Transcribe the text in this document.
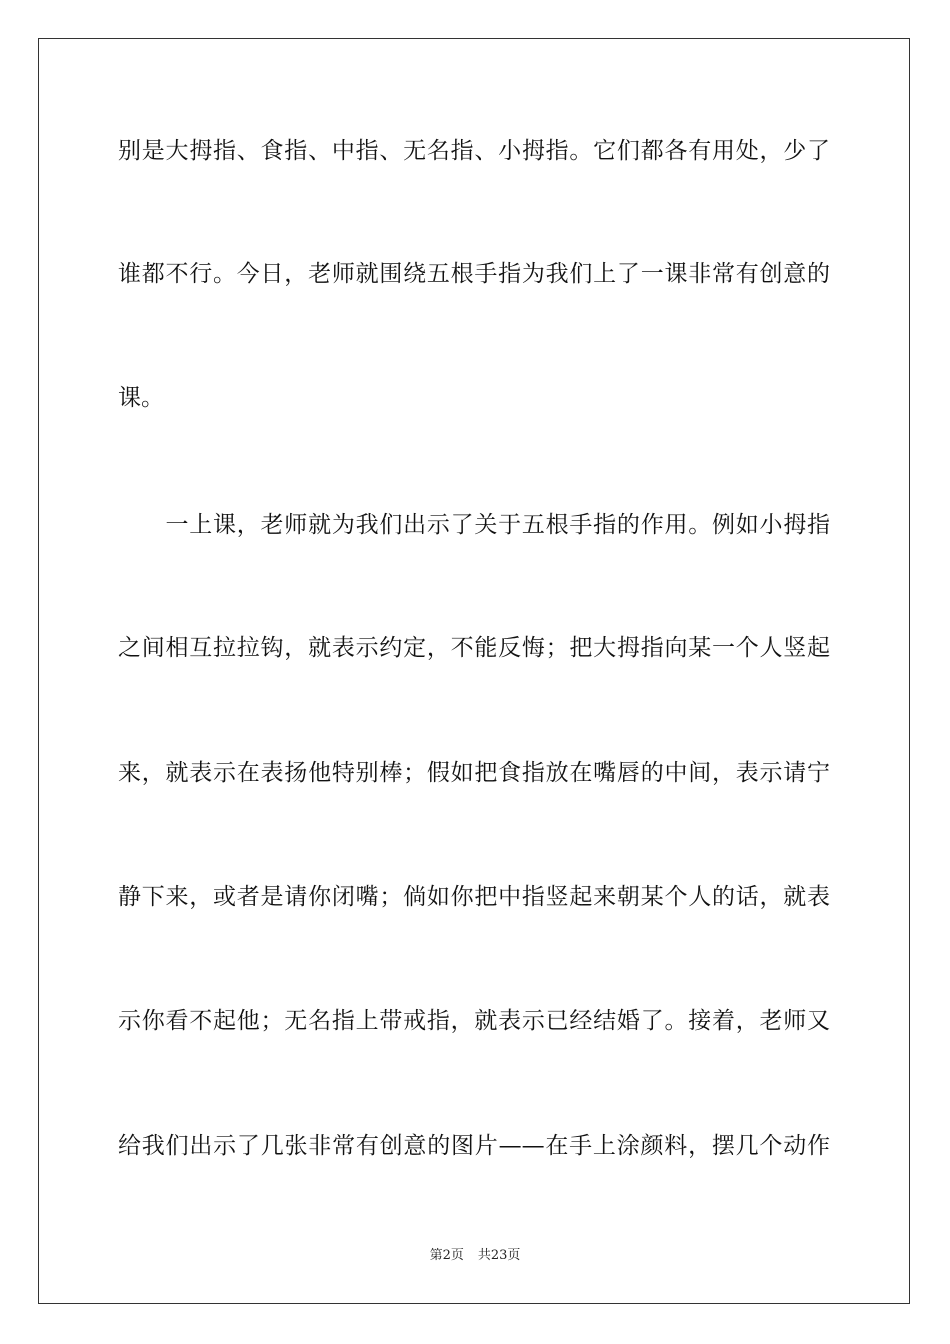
别是大拇指、食指、中指、无名指、小拇指。它们都各有用处，少了
谁都不行。今日，老师就围绕五根手指为我们上了一课非常有创意的
课。
　　一上课，老师就为我们出示了关于五根手指的作用。例如小拇指
之间相互拉拉钩，就表示约定，不能反悔；把大拇指向某一个人竖起
来，就表示在表扬他特别棒；假如把食指放在嘴唇的中间，表示请宁
静下来，或者是请你闭嘴；倘如你把中指竖起来朝某个人的话，就表
示你看不起他；无名指上带戒指，就表示已经结婚了。接着，老师又
给我们出示了几张非常有创意的图片——在手上涂颜料，摆几个动作
第2页 共23页
